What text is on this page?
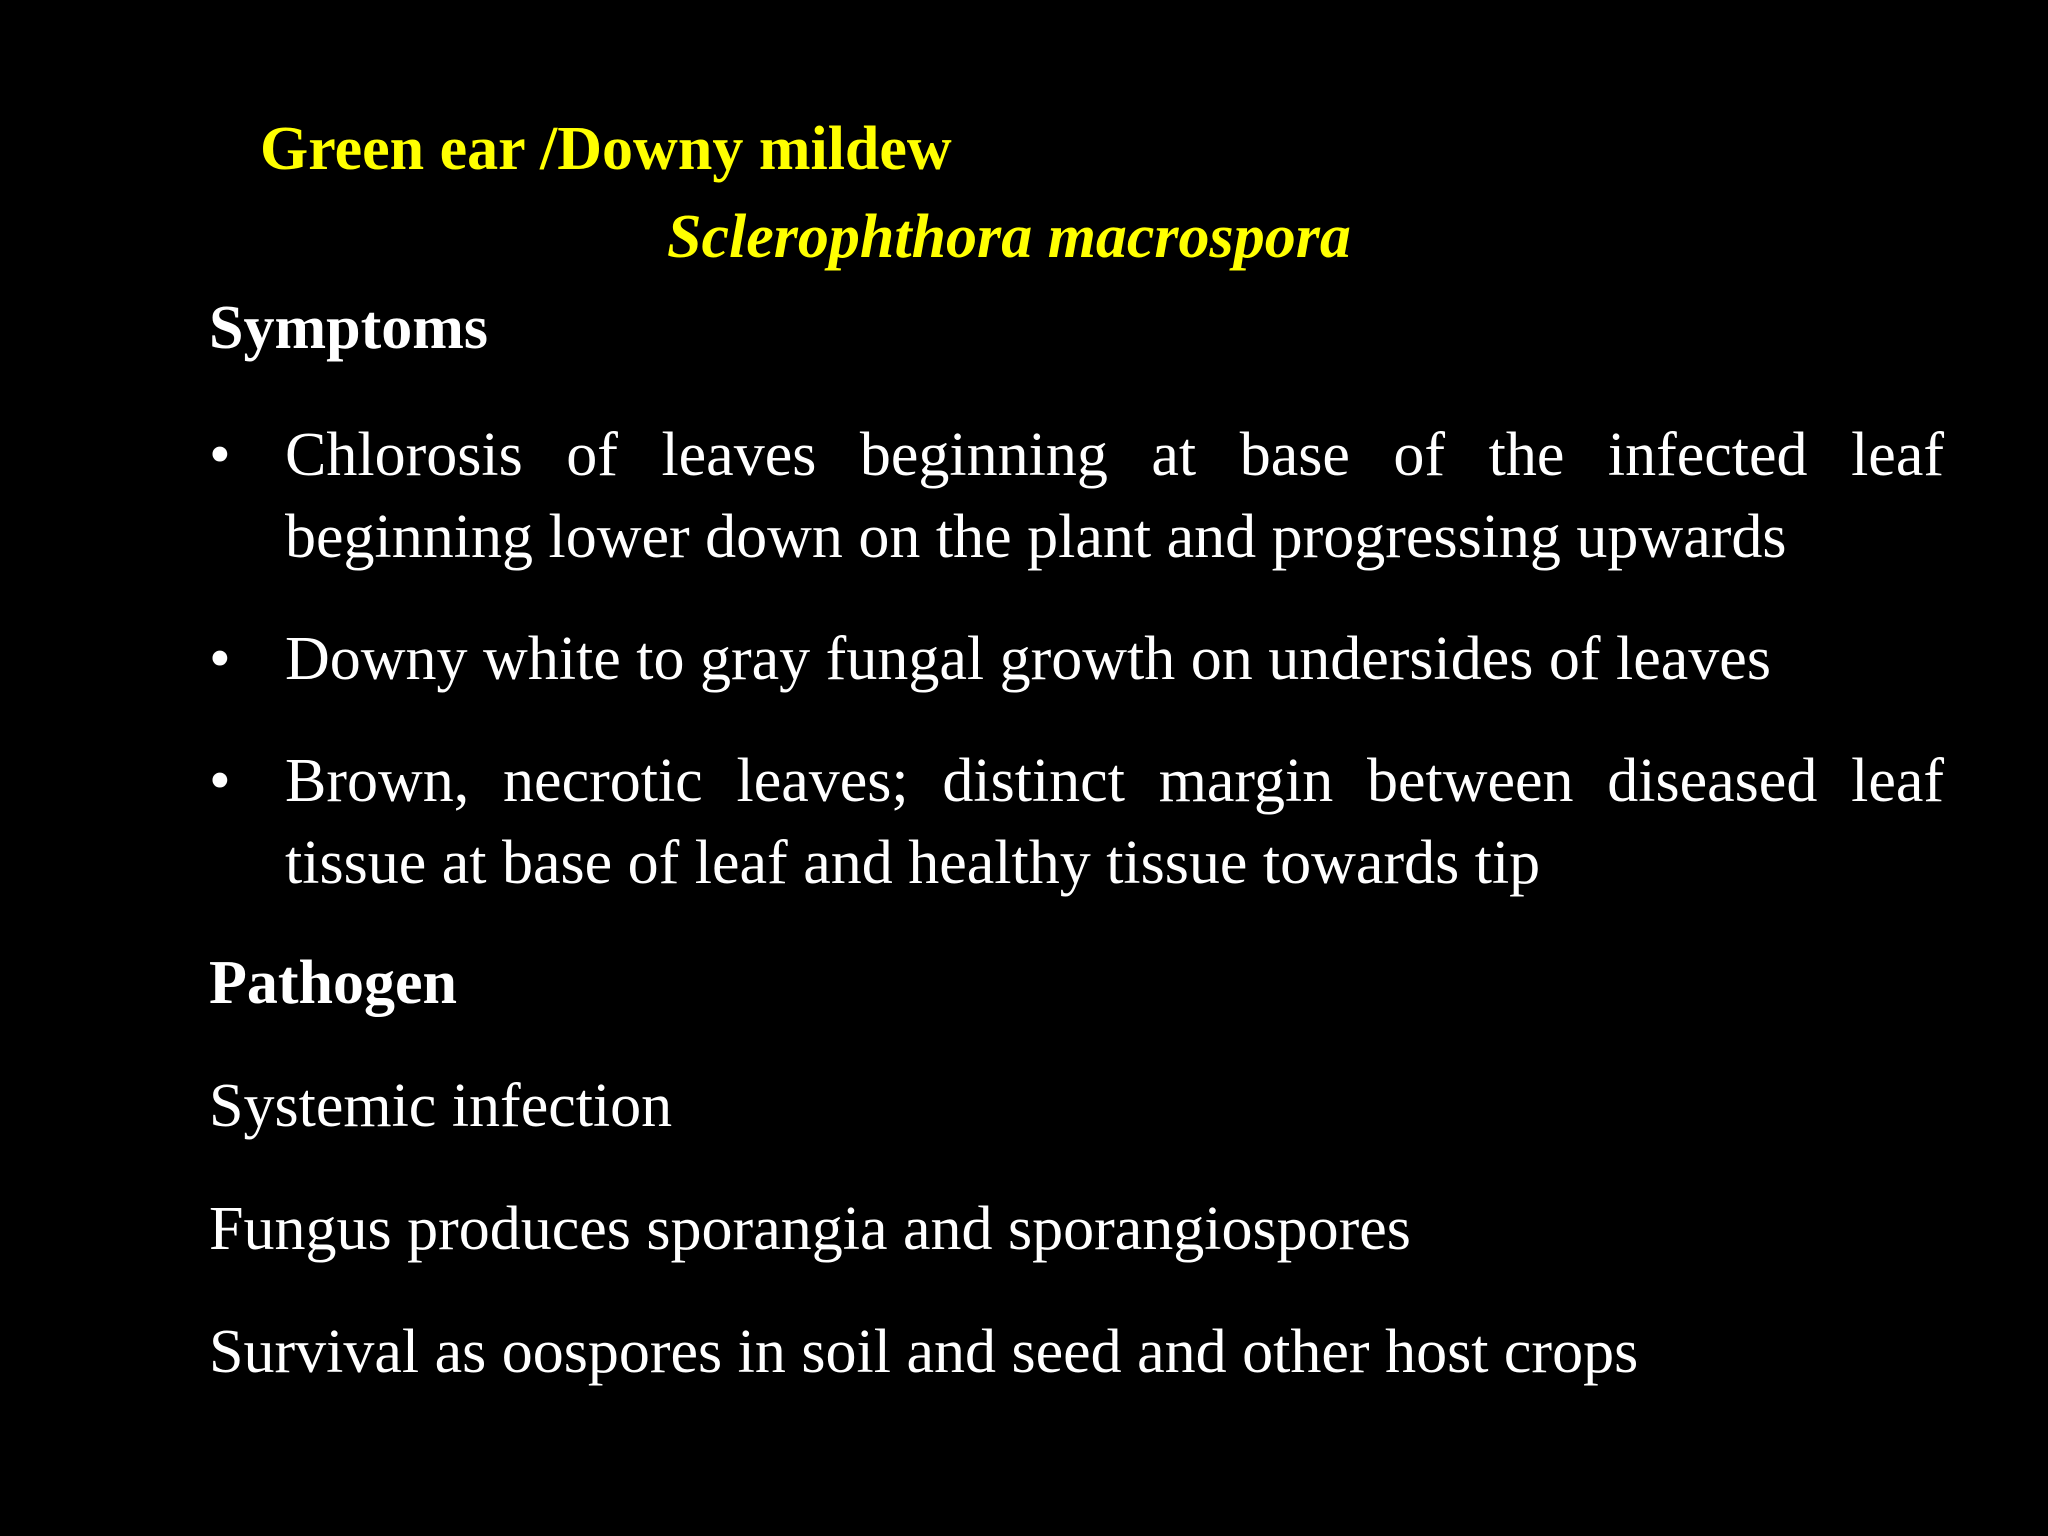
Green ear /Downy mildew
Sclerophthora macrospora
Symptoms
• Chlorosis of leaves beginning at base of the infected leaf beginning lower down on the plant and progressing upwards
• Downy white to gray fungal growth on undersides of leaves
• Brown, necrotic leaves; distinct margin between diseased leaf tissue at base of leaf and healthy tissue towards tip
Pathogen
Systemic infection
Fungus produces sporangia and sporangiospores
Survival as oospores in soil and seed and other host crops
